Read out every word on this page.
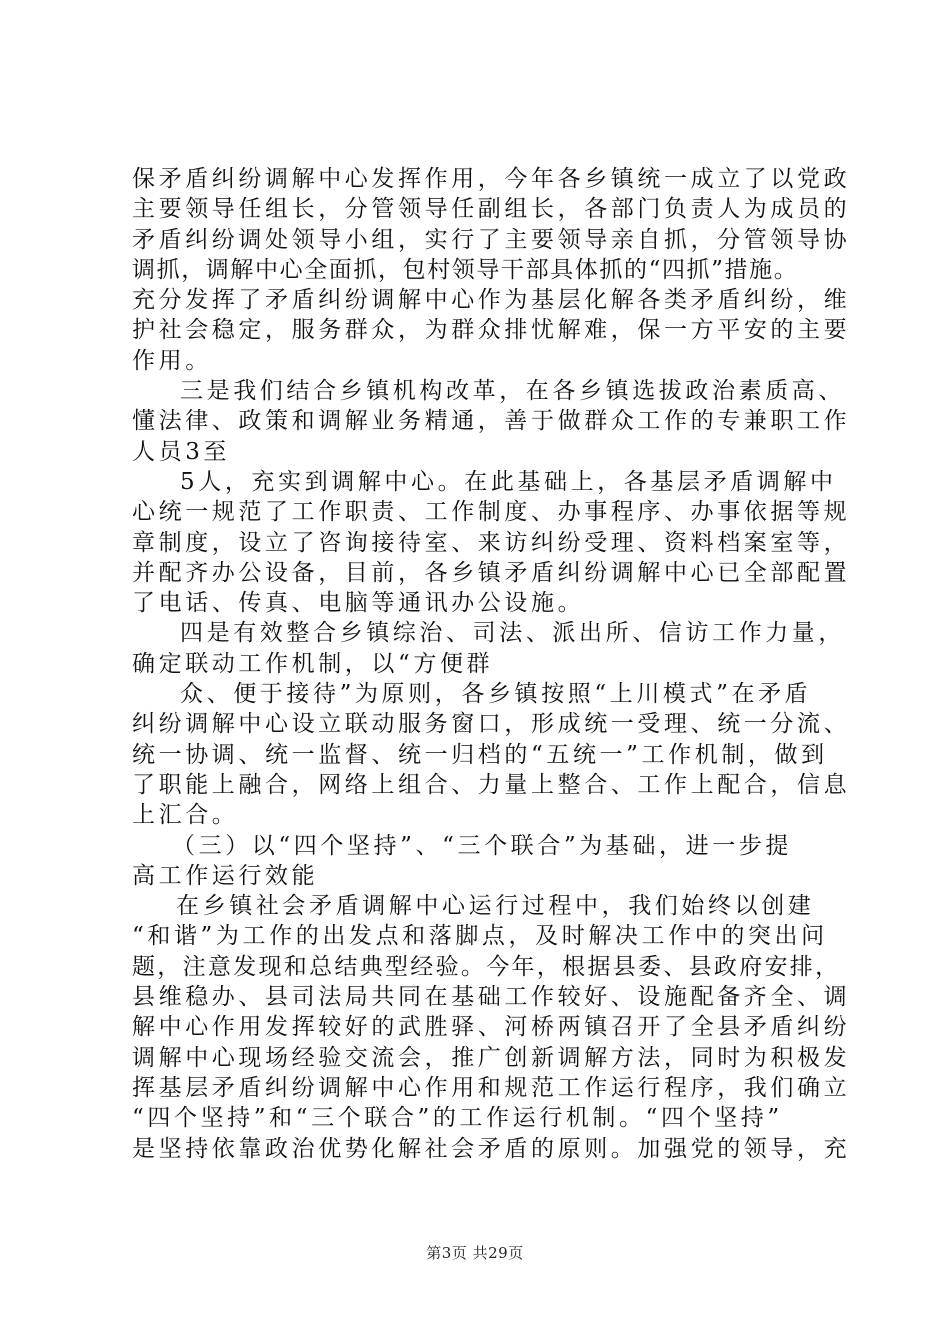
保矛盾纠纷调解中心发挥作用，今年各乡镇统一成立了以党政
主要领导任组长，分管领导任副组长，各部门负责人为成员的
矛盾纠纷调处领导小组，实行了主要领导亲自抓，分管领导协
调抓，调解中心全面抓，包村领导干部具体抓的“四抓”措施。
充分发挥了矛盾纠纷调解中心作为基层化解各类矛盾纠纷，维
护社会稳定，服务群众，为群众排忧解难，保一方平安的主要
作用。
三是我们结合乡镇机构改革，在各乡镇选拔政治素质高、
懂法律、政策和调解业务精通，善于做群众工作的专兼职工作
人员3至
5人，充实到调解中心。在此基础上，各基层矛盾调解中
心统一规范了工作职责、工作制度、办事程序、办事依据等规
章制度，设立了咨询接待室、来访纠纷受理、资料档案室等，
并配齐办公设备，目前，各乡镇矛盾纠纷调解中心已全部配置
了电话、传真、电脑等通讯办公设施。
四是有效整合乡镇综治、司法、派出所、信访工作力量，
确定联动工作机制，以“方便群
众、便于接待”为原则，各乡镇按照“上川模式”在矛盾
纠纷调解中心设立联动服务窗口，形成统一受理、统一分流、
统一协调、统一监督、统一归档的“五统一”工作机制，做到
了职能上融合，网络上组合、力量上整合、工作上配合，信息
上汇合。
（三）以“四个坚持”、“三个联合”为基础，进一步提
高工作运行效能
在乡镇社会矛盾调解中心运行过程中，我们始终以创建
“和谐”为工作的出发点和落脚点，及时解决工作中的突出问
题，注意发现和总结典型经验。今年，根据县委、县政府安排，
县维稳办、县司法局共同在基础工作较好、设施配备齐全、调
解中心作用发挥较好的武胜驿、河桥两镇召开了全县矛盾纠纷
调解中心现场经验交流会，推广创新调解方法，同时为积极发
挥基层矛盾纠纷调解中心作用和规范工作运行程序，我们确立
“四个坚持”和“三个联合”的工作运行机制。“四个坚持”
是坚持依靠政治优势化解社会矛盾的原则。加强党的领导，充
第3页 共29页
